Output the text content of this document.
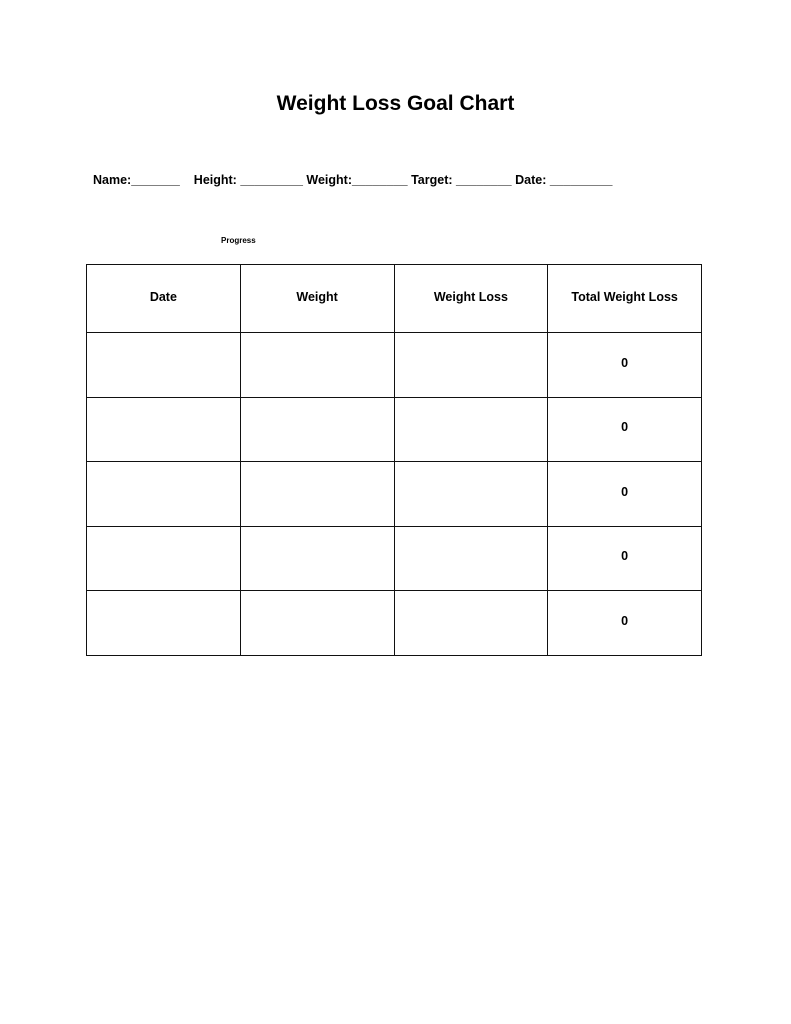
Weight Loss Goal Chart
Name:_______ Height: _________ Weight:________ Target: ________ Date: _________
Progress
Date	Weight	Weight Loss	Total Weight Loss
			0
			0
			0
			0
			0
